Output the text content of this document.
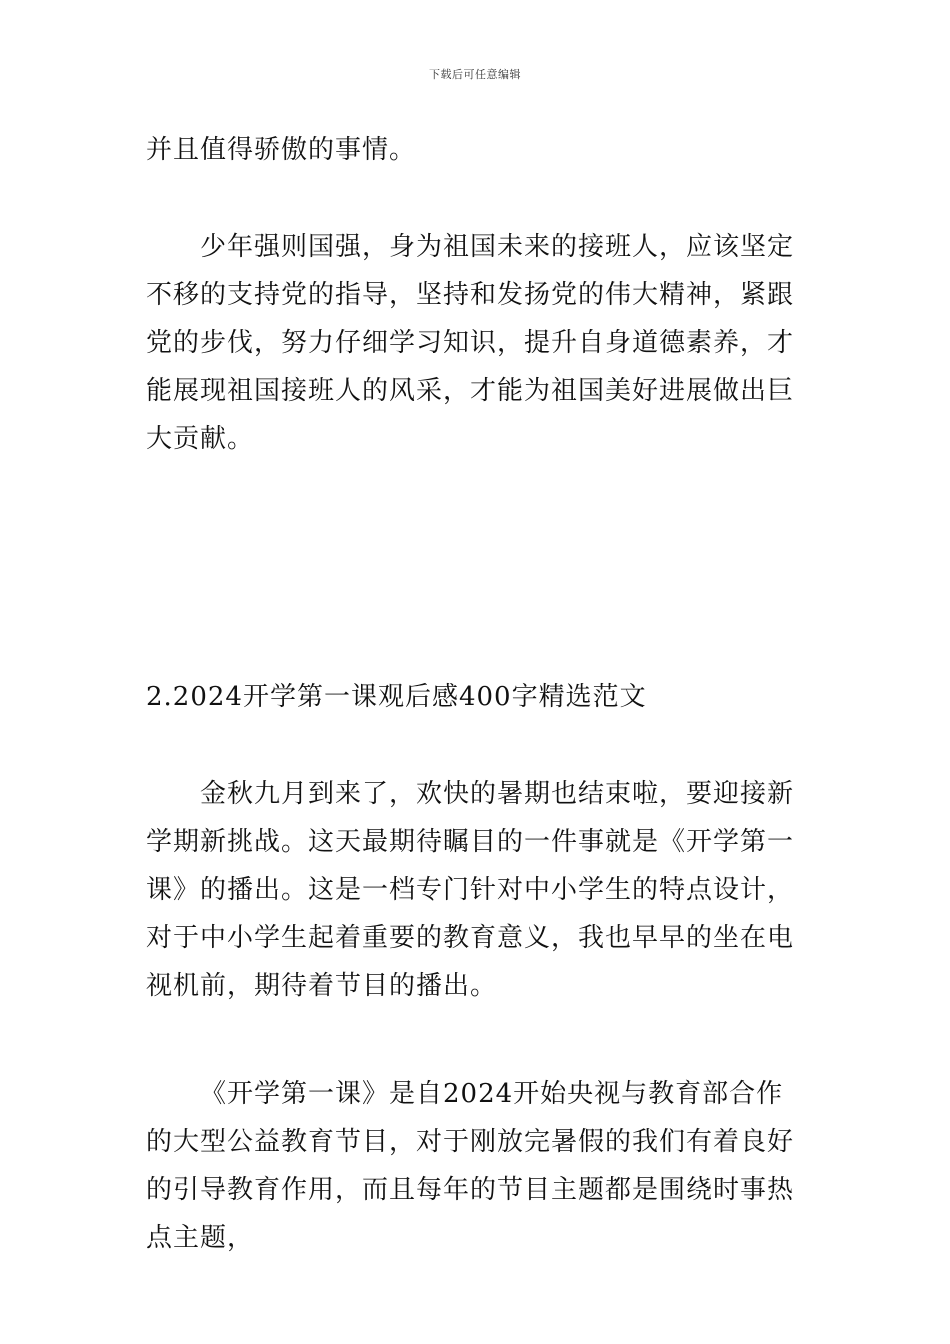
下载后可任意编辑

并且值得骄傲的事情。

少年强则国强，身为祖国未来的接班人，应该坚定不移的支持党的指导，坚持和发扬党的伟大精神，紧跟党的步伐，努力仔细学习知识，提升自身道德素养，才能展现祖国接班人的风采，才能为祖国美好进展做出巨大贡献。

2.2024开学第一课观后感400字精选范文

金秋九月到来了，欢快的暑期也结束啦，要迎接新学期新挑战。这天最期待瞩目的一件事就是《开学第一课》的播出。这是一档专门针对中小学生的特点设计，对于中小学生起着重要的教育意义，我也早早的坐在电视机前，期待着节目的播出。

《开学第一课》是自2024开始央视与教育部合作的大型公益教育节目，对于刚放完暑假的我们有着良好的引导教育作用，而且每年的节目主题都是围绕时事热点主题，
